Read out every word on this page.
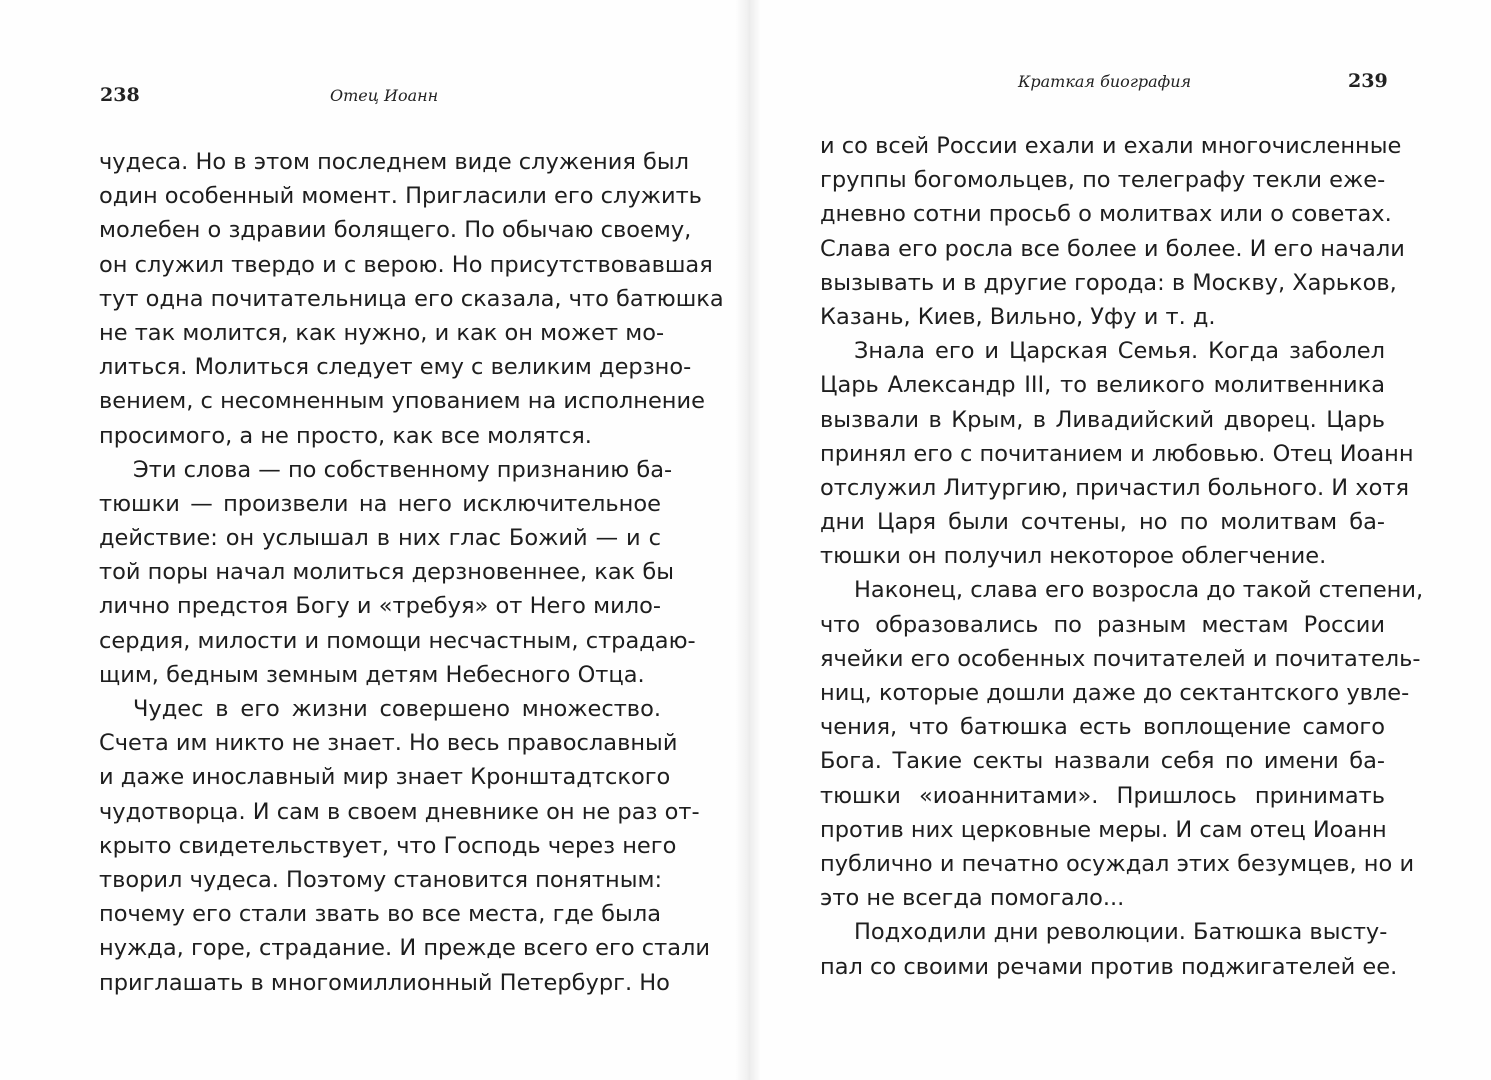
238	Отец Иоанн
чудеса. Но в этом последнем виде служения был
один особенный момент. Пригласили его служить
молебен о здравии болящего. По обычаю своему,
он служил твердо и с верою. Но присутствовавшая
тут одна почитательница его сказала, что батюшка
не так молится, как нужно, и как он может мо-
литься. Молиться следует ему с великим дерзно-
вением, с несомненным упованием на исполнение
просимого, а не просто, как все молятся.
Эти слова — по собственному признанию ба-
тюшки — произвели на него исключительное
действие: он услышал в них глас Божий — и с
той поры начал молиться дерзновеннее, как бы
лично предстоя Богу и «требуя» от Него мило-
сердия, милости и помощи несчастным, страдаю-
щим, бедным земным детям Небесного Отца.
Чудес в его жизни совершено множество.
Счета им никто не знает. Но весь православный
и даже инославный мир знает Кронштадтского
чудотворца. И сам в своем дневнике он не раз от-
крыто свидетельствует, что Господь через него
творил чудеса. Поэтому становится понятным:
почему его стали звать во все места, где была
нужда, горе, страдание. И прежде всего его стали
приглашать в многомиллионный Петербург. Но
Краткая биография	239
и со всей России ехали и ехали многочисленные
группы богомольцев, по телеграфу текли еже-
дневно сотни просьб о молитвах или о советах.
Слава его росла все более и более. И его начали
вызывать и в другие города: в Москву, Харьков,
Казань, Киев, Вильно, Уфу и т. д.
Знала его и Царская Семья. Когда заболел
Царь Александр III, то великого молитвенника
вызвали в Крым, в Ливадийский дворец. Царь
принял его с почитанием и любовью. Отец Иоанн
отслужил Литургию, причастил больного. И хотя
дни Царя были сочтены, но по молитвам ба-
тюшки он получил некоторое облегчение.
Наконец, слава его возросла до такой степени,
что образовались по разным местам России
ячейки его особенных почитателей и почитатель-
ниц, которые дошли даже до сектантского увле-
чения, что батюшка есть воплощение самого
Бога. Такие секты назвали себя по имени ба-
тюшки «иоаннитами». Пришлось принимать
против них церковные меры. И сам отец Иоанн
публично и печатно осуждал этих безумцев, но и
это не всегда помогало...
Подходили дни революции. Батюшка высту-
пал со своими речами против поджигателей ее.
